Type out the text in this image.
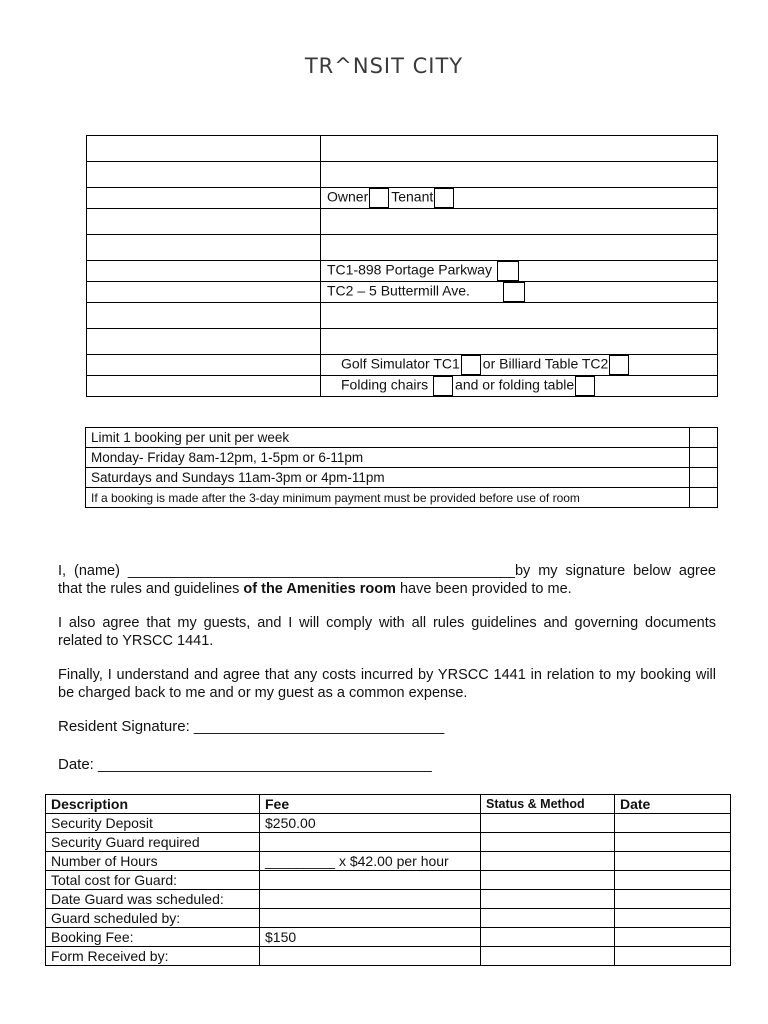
TR^NSIT CITY

	Owner Tenant

	TC1-898 Portage Parkway
	TC2 – 5 Buttermill Ave.

	Golf Simulator TC1 or Billiard Table TC2
	Folding chairs and or folding table
Limit 1 booking per unit per week	
Monday- Friday 8am-12pm, 1-5pm or 6-11pm	
Saturdays and Sundays 11am-3pm or 4pm-11pm	
If a booking is made after the 3-day minimum payment must be provided before use of room	
I, (name) ________________________________________________by my signature below agree that the rules and guidelines of the Amenities room have been provided to me.
I also agree that my guests, and I will comply with all rules guidelines and governing documents related to YRSCC 1441.
Finally, I understand and agree that any costs incurred by YRSCC 1441 in relation to my booking will be charged back to me and or my guest as a common expense.
Resident Signature: ______________________________
Date: ________________________________________
Description	Fee	Status & Method	Date
Security Deposit	$250.00		
Security Guard required			
Number of Hours	_________ x $42.00 per hour		
Total cost for Guard:			
Date Guard was scheduled:			
Guard scheduled by:			
Booking Fee:	$150		
Form Received by:			
